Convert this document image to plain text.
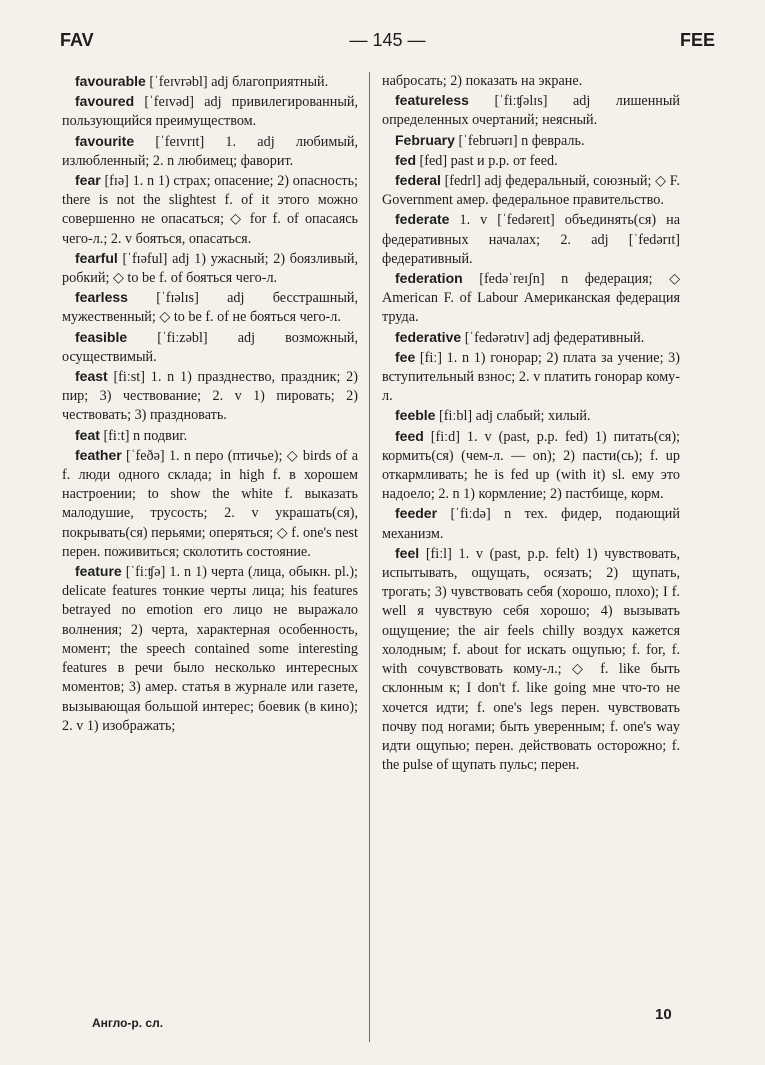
FAV	— 145 —	FEE

favourable [ˈfeɪvrəbl] adj благоприятный.

favoured [ˈfeɪvəd] adj привилегированный, пользующийся преимуществом.

favourite [ˈfeɪvrɪt] 1. adj любимый, излюбленный; 2. n любимец; фаворит.

fear [fɪə] 1. n 1) страх; опасение; 2) опасность; there is not the slightest f. of it этого можно совершенно не опасаться; ◇ for f. of опасаясь чего-л.; 2. v бояться, опасаться.

fearful [ˈfɪəful] adj 1) ужасный; 2) боязливый, робкий; ◇ to be f. of бояться чего-л.

fearless [ˈfɪəlɪs] adj бесстрашный, мужественный; ◇ to be f. of не бояться чего-л.

feasible [ˈfiːzəbl] adj возможный, осуществимый.

feast [fiːst] 1. n 1) празднество, праздник; 2) пир; 3) чествование; 2. v 1) пировать; 2) чествовать; 3) праздновать.

feat [fiːt] n подвиг.

feather [ˈfeðə] 1. n перо (птичье); ◇ birds of a f. люди одного склада; in high f. в хорошем настроении; to show the white f. выказать малодушие, трусость; 2. v украшать(ся), покрывать(ся) перьями; оперяться; ◇ f. one's nest перен. поживиться; сколотить состояние.

feature [ˈfiːʧə] 1. n 1) черта (лица, обыкн. pl.); delicate features тонкие черты лица; his features betrayed no emotion его лицо не выражало волнения; 2) черта, характерная особенность, момент; the speech contained some interesting features в речи было несколько интересных моментов; 3) амер. статья в журнале или газете, вызывающая большой интерес; боевик (в кино); 2. v 1) изображать;

набросать; 2) показать на экране.

featureless [ˈfiːʧəlɪs] adj лишенный определенных очертаний; неясный.

February [ˈfebruərɪ] n февраль.

fed [fed] past и p.p. от feed.

federal [fedrl] adj федеральный, союзный; ◇ F. Government амер. федеральное правительство.

federate 1. v [ˈfedəreɪt] объединять(ся) на федеративных началах; 2. adj [ˈfedərɪt] федеративный.

federation [fedəˈreɪʃn] n федерация; ◇ American F. of Labour Американская федерация труда.

federative [ˈfedərətɪv] adj федеративный.

fee [fiː] 1. n 1) гонорар; 2) плата за учение; 3) вступительный взнос; 2. v платить гонорар кому-л.

feeble [fiːbl] adj слабый; хилый.

feed [fiːd] 1. v (past, p.p. fed) 1) питать(ся); кормить(ся) (чем-л. — on); 2) пасти(сь); f. up откармливать; he is fed up (with it) sl. ему это надоело; 2. n 1) кормление; 2) пастбище, корм.

feeder [ˈfiːdə] n тех. фидер, подающий механизм.

feel [fiːl] 1. v (past, p.p. felt) 1) чувствовать, испытывать, ощущать, осязать; 2) щупать, трогать; 3) чувствовать себя (хорошо, плохо); I f. well я чувствую себя хорошо; 4) вызывать ощущение; the air feels chilly воздух кажется холодным; f. about for искать ощупью; f. for, f. with сочувствовать кому-л.; ◇ f. like быть склонным к; I don't f. like going мне что-то не хочется идти; f. one's legs перен. чувствовать почву под ногами; быть уверенным; f. one's way идти ощупью; перен. действовать осторожно; f. the pulse of щупать пульс; перен.

Англо-р. сл.	10
